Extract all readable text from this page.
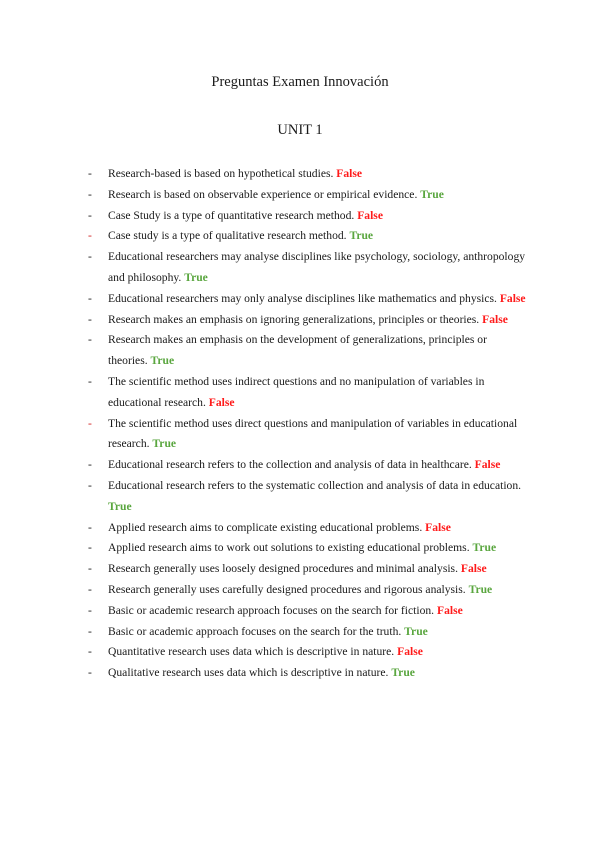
Preguntas Examen Innovación
UNIT 1
- Research-based is based on hypothetical studies. False
- Research is based on observable experience or empirical evidence. True
- Case Study is a type of quantitative research method. False
- Case study is a type of qualitative research method. True
- Educational researchers may analyse disciplines like psychology, sociology, anthropology and philosophy. True
- Educational researchers may only analyse disciplines like mathematics and physics. False
- Research makes an emphasis on ignoring generalizations, principles or theories. False
- Research makes an emphasis on the development of generalizations, principles or theories. True
- The scientific method uses indirect questions and no manipulation of variables in educational research. False
- The scientific method uses direct questions and manipulation of variables in educational research. True
- Educational research refers to the collection and analysis of data in healthcare. False
- Educational research refers to the systematic collection and analysis of data in education. True
- Applied research aims to complicate existing educational problems. False
- Applied research aims to work out solutions to existing educational problems. True
- Research generally uses loosely designed procedures and minimal analysis. False
- Research generally uses carefully designed procedures and rigorous analysis. True
- Basic or academic research approach focuses on the search for fiction. False
- Basic or academic approach focuses on the search for the truth. True
- Quantitative research uses data which is descriptive in nature. False
- Qualitative research uses data which is descriptive in nature. True
